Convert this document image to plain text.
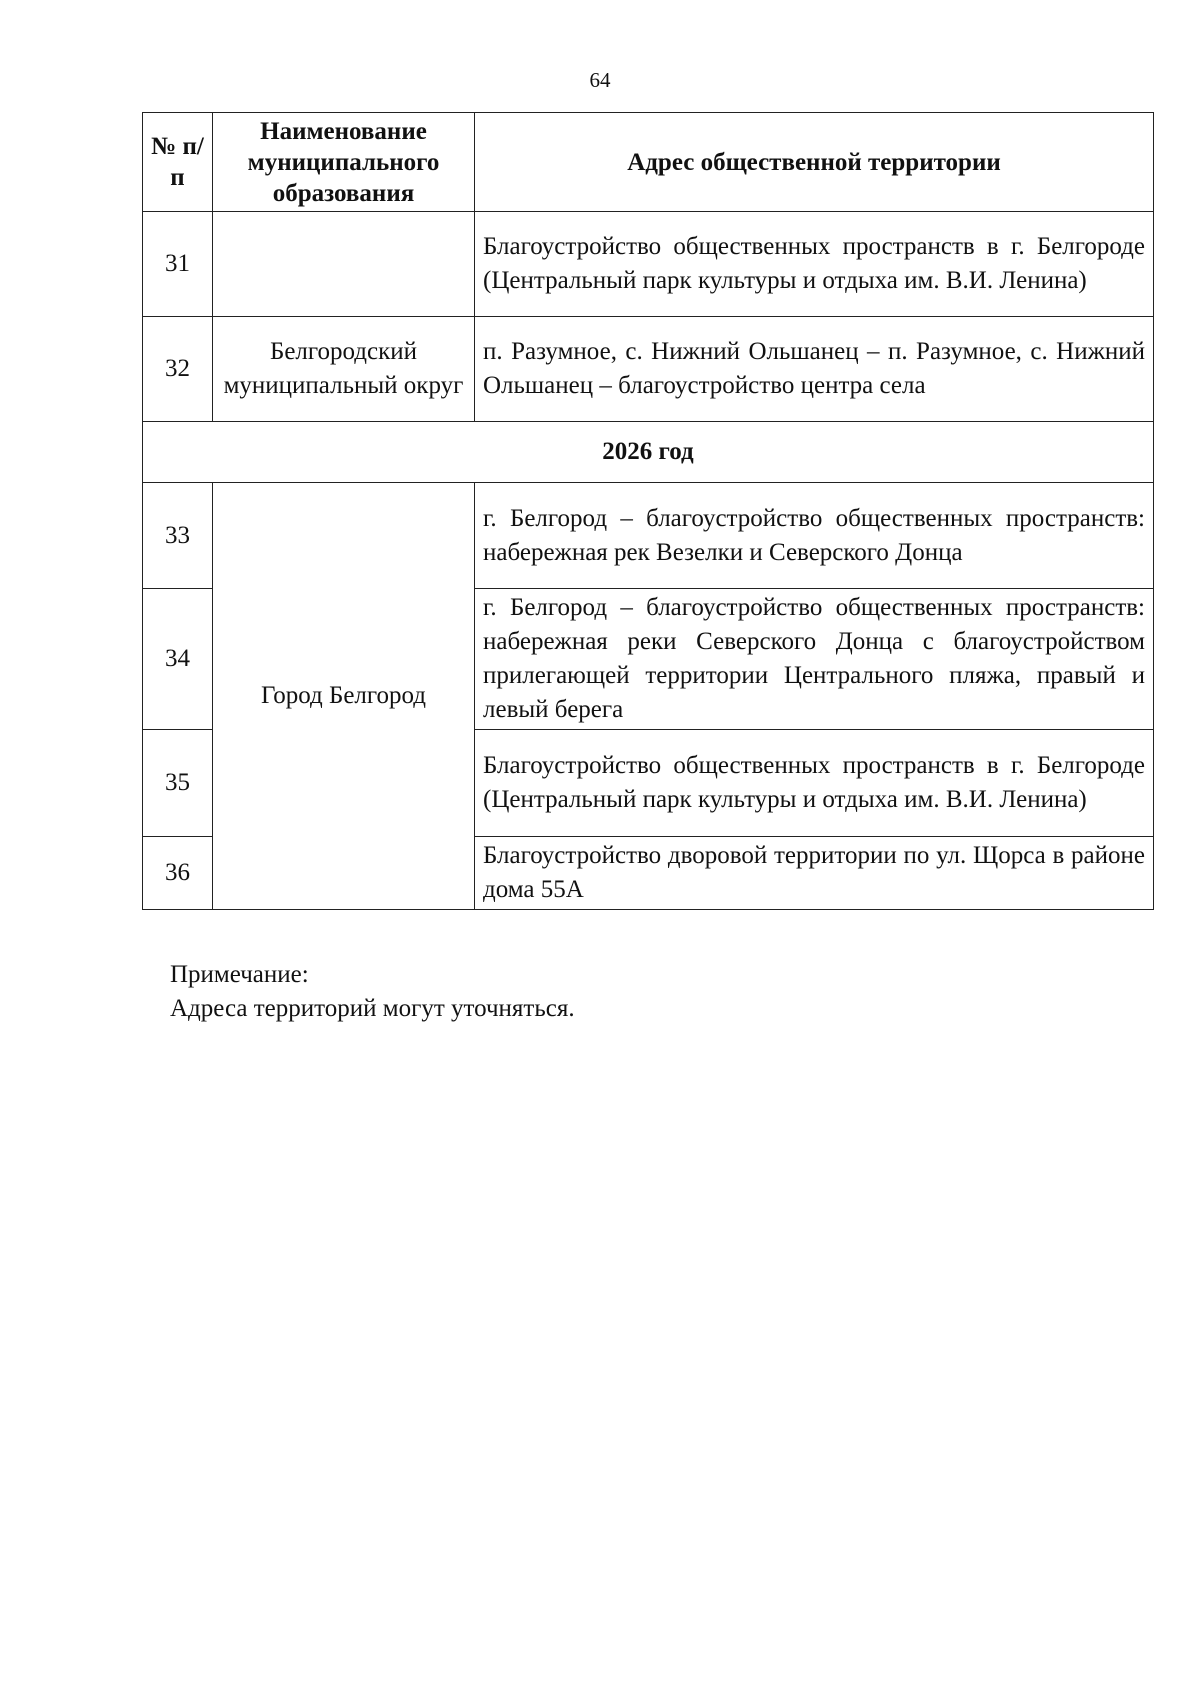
64
№ п/п	Наименование муниципального образования	Адрес общественной территории
31		Благоустройство общественных пространств в г. Белгороде (Центральный парк культуры и отдыха им. В.И. Ленина)
32	Белгородский муниципальный округ	п. Разумное, с. Нижний Ольшанец – п. Разумное, с. Нижний Ольшанец – благоустройство центра села
2026 год		
33	Город Белгород	г. Белгород – благоустройство общественных пространств: набережная рек Везелки и Северского Донца
34		г. Белгород – благоустройство общественных пространств: набережная реки Северского Донца с благоустройством прилегающей территории Центрального пляжа, правый и левый берега
35		Благоустройство общественных пространств в г. Белгороде (Центральный парк культуры и отдыха им. В.И. Ленина)
36		Благоустройство дворовой территории по ул. Щорса в районе дома 55А
Примечание:
Адреса территорий могут уточняться.
